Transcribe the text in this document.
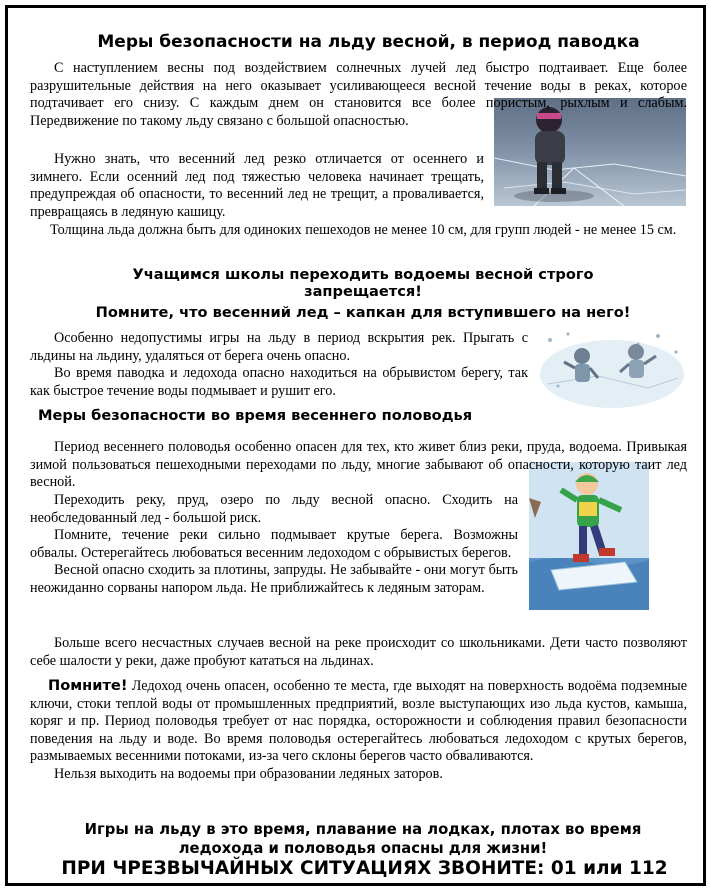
Меры безопасности на льду весной, в период паводка

С наступлением весны под воздействием солнечных лучей лед быстро подтаивает. Еще более разрушительные действия на него оказывает усиливающееся весной течение воды в реках, которое подтачивает его снизу. С каждым днем он становится все более пористым, рыхлым и слабым. Передвижение по такому льду связано с большой опасностью.

Нужно знать, что весенний лед резко отличается от осеннего и зимнего. Если осенний лед под тяжестью человека начинает трещать, предупреждая об опасности, то весенний лед не трещит, а проваливается, превращаясь в ледяную кашицу.

Толщина льда должна быть для одиноких пешеходов не менее 10 см, для групп людей - не менее 15 см.

Учащимся школы переходить водоемы весной строго запрещается!
Помните, что весенний лед – капкан для вступившего на него!

Особенно недопустимы игры на льду в период вскрытия рек. Прыгать с льдины на льдину, удаляться от берега очень опасно.

Во время паводка и ледохода опасно находиться на обрывистом берегу, так как быстрое течение воды подмывает и рушит его.

Меры безопасности во время весеннего половодья

Период весеннего половодья особенно опасен для тех, кто живет близ реки, пруда, водоема. Привыкая зимой пользоваться пешеходными переходами по льду, многие забывают об опасности, которую таит лед весной.

Переходить реку, пруд, озеро по льду весной опасно. Сходить на необследованный лед - большой риск.

Помните, течение реки сильно подмывает крутые берега. Возможны обвалы. Остерегайтесь любоваться весенним ледоходом с обрывистых берегов.

Весной опасно сходить за плотины, запруды. Не забывайте - они могут быть неожиданно сорваны напором льда. Не приближайтесь к ледяным заторам.

Больше всего несчастных случаев весной на реке происходит со школьниками. Дети часто позволяют себе шалости у реки, даже пробуют кататься на льдинах.

Помните! Ледоход очень опасен, особенно те места, где выходят на поверхность водоёма подземные ключи, стоки теплой воды от промышленных предприятий, возле выступающих изо льда кустов, камыша, коряг и пр. Период половодья требует от нас порядка, осторожности и соблюдения правил безопасности поведения на льду и воде. Во время половодья остерегайтесь любоваться ледоходом с крутых берегов, размываемых весенними потоками, из-за чего склоны берегов часто обваливаются.

Нельзя выходить на водоемы при образовании ледяных заторов.

Игры на льду в это время, плавание на лодках, плотах во время ледохода и половодья опасны для жизни!
ПРИ ЧРЕЗВЫЧАЙНЫХ СИТУАЦИЯХ ЗВОНИТЕ: 01 или 112
